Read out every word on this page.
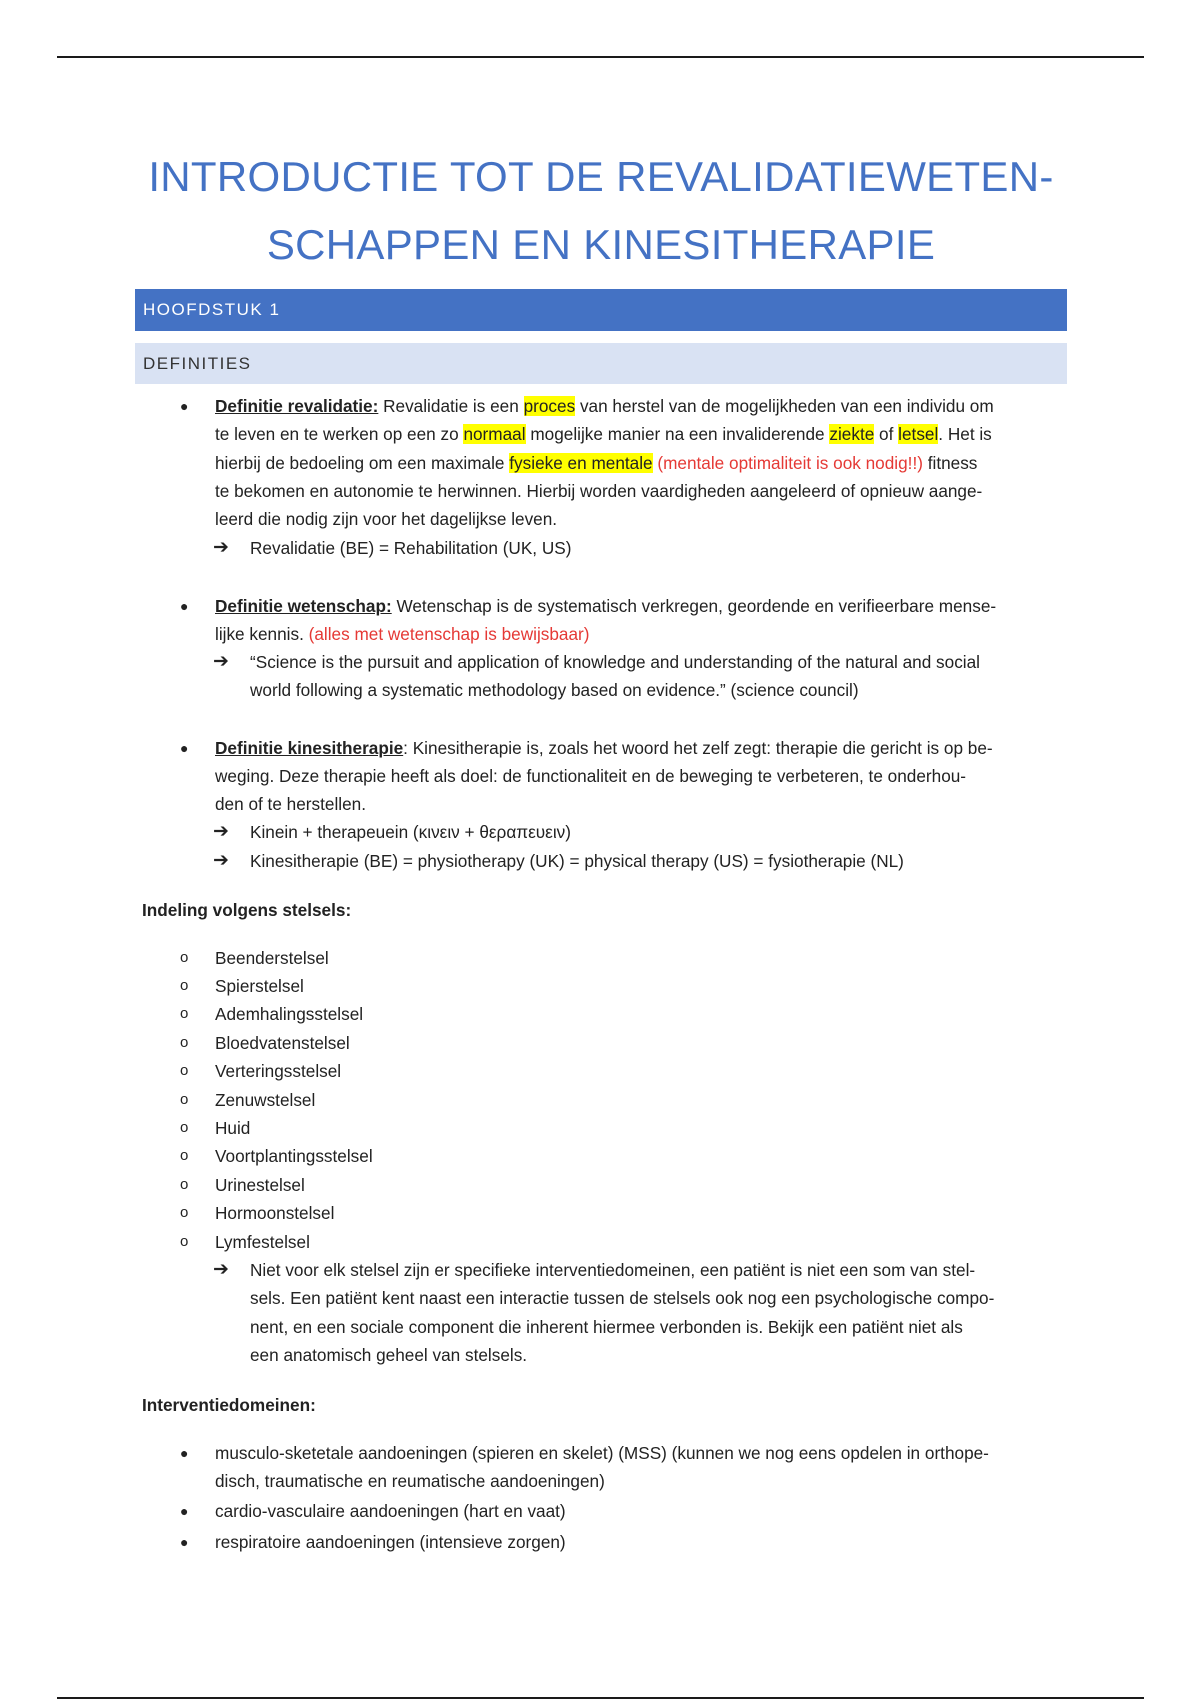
INTRODUCTIE TOT DE REVALIDATIEWETEN-
SCHAPPEN EN KINESITHERAPIE
HOOFDSTUK 1
DEFINITIES
● Definitie revalidatie: Revalidatie is een proces van herstel van de mogelijkheden van een individu om
te leven en te werken op een zo normaal mogelijke manier na een invaliderende ziekte of letsel. Het is
hierbij de bedoeling om een maximale fysieke en mentale (mentale optimaliteit is ook nodig!!) fitness
te bekomen en autonomie te herwinnen. Hierbij worden vaardigheden aangeleerd of opnieuw aange-
leerd die nodig zijn voor het dagelijkse leven.
➔ Revalidatie (BE) = Rehabilitation (UK, US)
● Definitie wetenschap: Wetenschap is de systematisch verkregen, geordende en verifieerbare mense-
lijke kennis. (alles met wetenschap is bewijsbaar)
➔ “Science is the pursuit and application of knowledge and understanding of the natural and social
world following a systematic methodology based on evidence.” (science council)
● Definitie kinesitherapie: Kinesitherapie is, zoals het woord het zelf zegt: therapie die gericht is op be-
weging. Deze therapie heeft als doel: de functionaliteit en de beweging te verbeteren, te onderhou-
den of te herstellen.
➔ Kinein + therapeuein (κινειν + θεραπευειν)
➔ Kinesitherapie (BE) = physiotherapy (UK) = physical therapy (US) = fysiotherapie (NL)
Indeling volgens stelsels:
o Beenderstelsel
o Spierstelsel
o Ademhalingsstelsel
o Bloedvatenstelsel
o Verteringsstelsel
o Zenuwstelsel
o Huid
o Voortplantingsstelsel
o Urinestelsel
o Hormoonstelsel
o Lymfestelsel
➔ Niet voor elk stelsel zijn er specifieke interventiedomeinen, een patiënt is niet een som van stel-
sels. Een patiënt kent naast een interactie tussen de stelsels ook nog een psychologische compo-
nent, en een sociale component die inherent hiermee verbonden is. Bekijk een patiënt niet als
een anatomisch geheel van stelsels.
Interventiedomeinen:
● musculo-sketetale aandoeningen (spieren en skelet) (MSS) (kunnen we nog eens opdelen in orthope-
disch, traumatische en reumatische aandoeningen)
● cardio-vasculaire aandoeningen (hart en vaat)
● respiratoire aandoeningen (intensieve zorgen)
